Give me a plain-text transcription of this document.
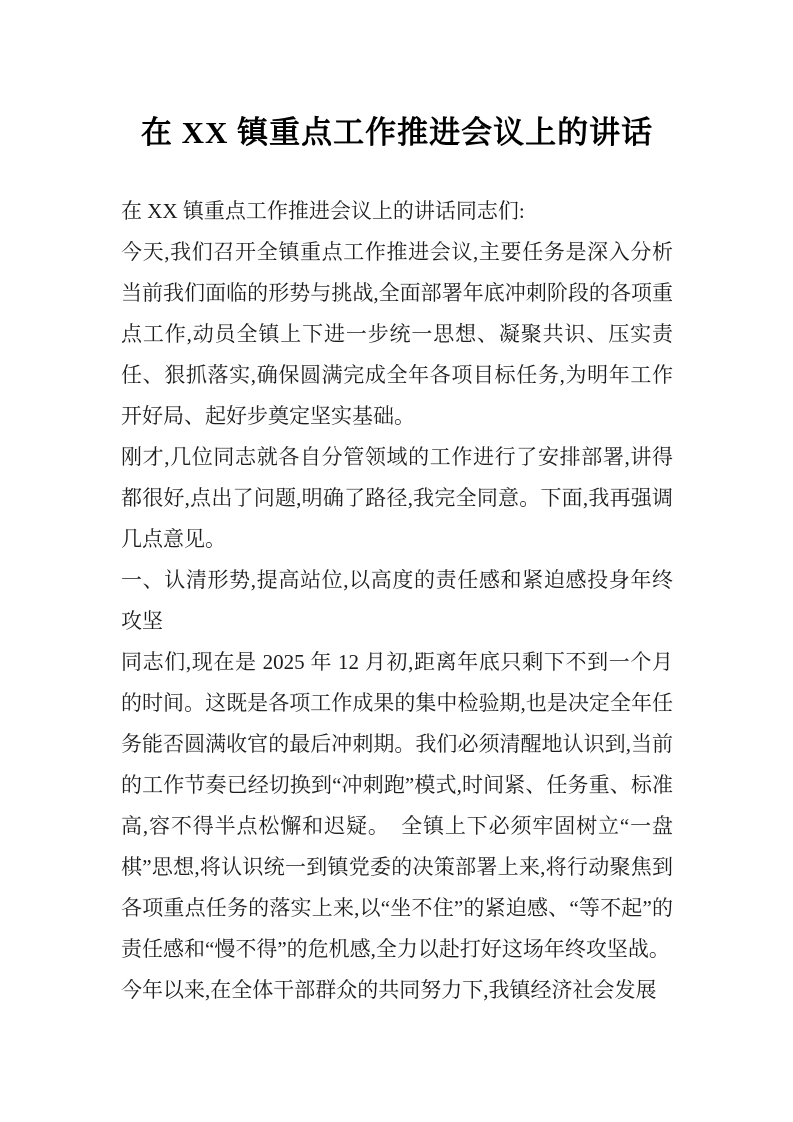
在 XX 镇重点工作推进会议上的讲话

在 XX 镇重点工作推进会议上的讲话同志们:

今天,我们召开全镇重点工作推进会议,主要任务是深入分析当前我们面临的形势与挑战,全面部署年底冲刺阶段的各项重点工作,动员全镇上下进一步统一思想、凝聚共识、压实责任、狠抓落实,确保圆满完成全年各项目标任务,为明年工作开好局、起好步奠定坚实基础。

刚才,几位同志就各自分管领域的工作进行了安排部署,讲得都很好,点出了问题,明确了路径,我完全同意。下面,我再强调几点意见。

一、认清形势,提高站位,以高度的责任感和紧迫感投身年终攻坚

同志们,现在是 2025 年 12 月初,距离年底只剩下不到一个月的时间。这既是各项工作成果的集中检验期,也是决定全年任务能否圆满收官的最后冲刺期。我们必须清醒地认识到,当前的工作节奏已经切换到“冲刺跑”模式,时间紧、任务重、标准高,容不得半点松懈和迟疑。　全镇上下必须牢固树立“一盘棋”思想,将认识统一到镇党委的决策部署上来,将行动聚焦到各项重点任务的落实上来,以“坐不住”的紧迫感、“等不起”的责任感和“慢不得”的危机感,全力以赴打好这场年终攻坚战。

今年以来,在全体干部群众的共同努力下,我镇经济社会发展
